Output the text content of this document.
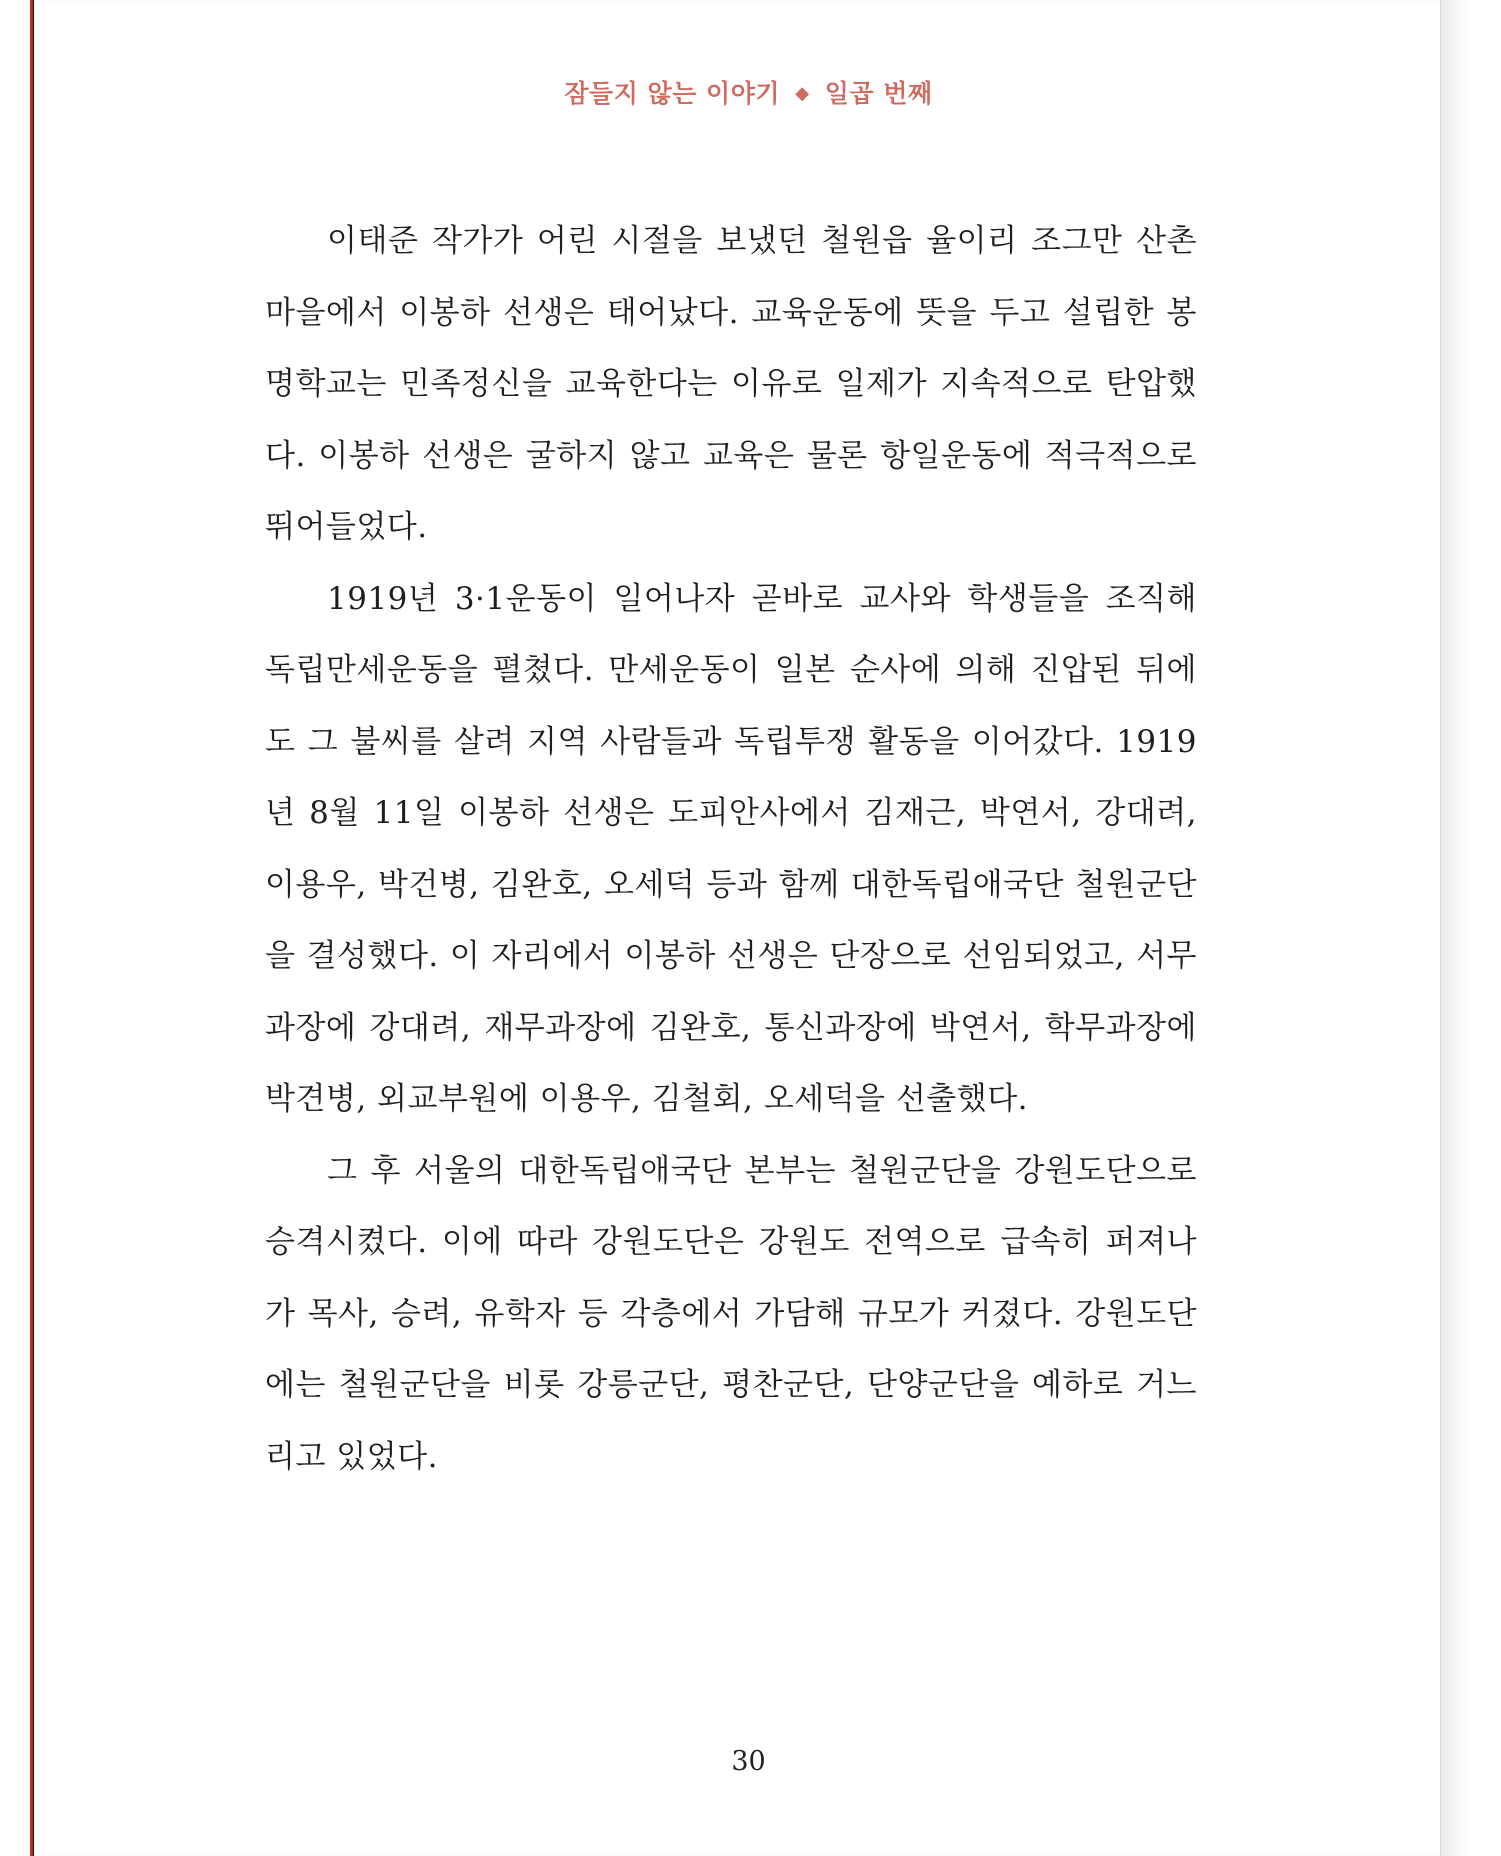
잠들지 않는 이야기 ◆ 일곱 번째

이태준 작가가 어린 시절을 보냈던 철원읍 율이리 조그만 산촌마을에서 이봉하 선생은 태어났다. 교육운동에 뜻을 두고 설립한 봉명학교는 민족정신을 교육한다는 이유로 일제가 지속적으로 탄압했다. 이봉하 선생은 굴하지 않고 교육은 물론 항일운동에 적극적으로 뛰어들었다.

1919년 3·1운동이 일어나자 곧바로 교사와 학생들을 조직해 독립만세운동을 펼쳤다. 만세운동이 일본 순사에 의해 진압된 뒤에도 그 불씨를 살려 지역 사람들과 독립투쟁 활동을 이어갔다. 1919년 8월 11일 이봉하 선생은 도피안사에서 김재근, 박연서, 강대려, 이용우, 박건병, 김완호, 오세덕 등과 함께 대한독립애국단 철원군단을 결성했다. 이 자리에서 이봉하 선생은 단장으로 선임되었고, 서무과장에 강대려, 재무과장에 김완호, 통신과장에 박연서, 학무과장에 박견병, 외교부원에 이용우, 김철회, 오세덕을 선출했다.

그 후 서울의 대한독립애국단 본부는 철원군단을 강원도단으로 승격시켰다. 이에 따라 강원도단은 강원도 전역으로 급속히 퍼져나가 목사, 승려, 유학자 등 각층에서 가담해 규모가 커졌다. 강원도단에는 철원군단을 비롯 강릉군단, 평찬군단, 단양군단을 예하로 거느리고 있었다.

30
